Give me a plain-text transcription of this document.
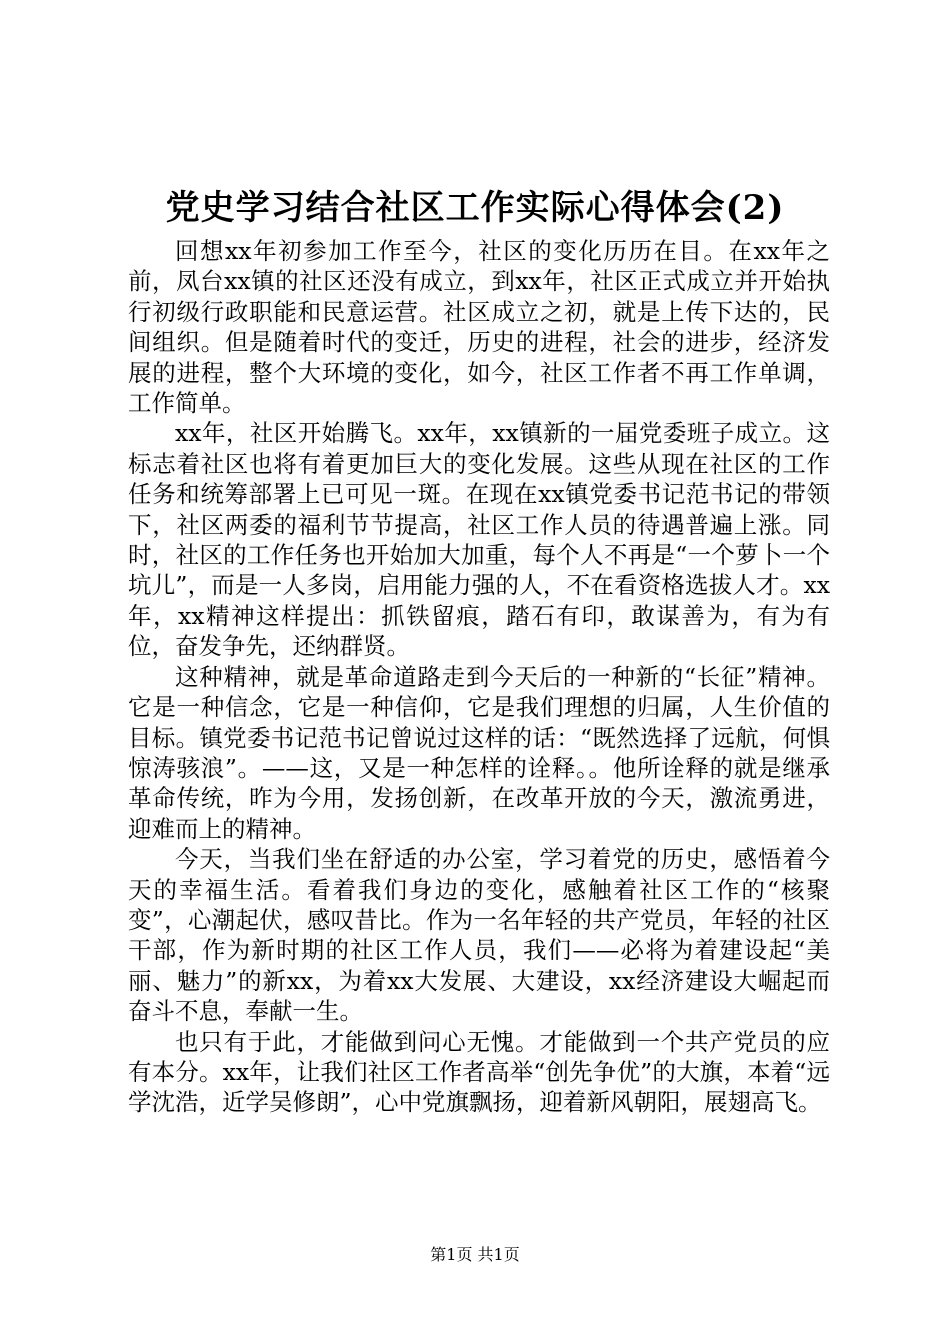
党史学习结合社区工作实际心得体会(2)

回想xx年初参加工作至今，社区的变化历历在目。在xx年之前，凤台xx镇的社区还没有成立，到xx年，社区正式成立并开始执行初级行政职能和民意运营。社区成立之初，就是上传下达的，民间组织。但是随着时代的变迁，历史的进程，社会的进步，经济发展的进程，整个大环境的变化，如今，社区工作者不再工作单调，工作简单。

xx年，社区开始腾飞。xx年，xx镇新的一届党委班子成立。这标志着社区也将有着更加巨大的变化发展。这些从现在社区的工作任务和统筹部署上已可见一斑。在现在xx镇党委书记范书记的带领下，社区两委的福利节节提高，社区工作人员的待遇普遍上涨。同时，社区的工作任务也开始加大加重，每个人不再是“一个萝卜一个坑儿”，而是一人多岗，启用能力强的人，不在看资格选拔人才。xx年，xx精神这样提出：抓铁留痕，踏石有印，敢谋善为，有为有位，奋发争先，还纳群贤。

这种精神，就是革命道路走到今天后的一种新的“长征”精神。它是一种信念，它是一种信仰，它是我们理想的归属，人生价值的目标。镇党委书记范书记曾说过这样的话：“既然选择了远航，何惧惊涛骇浪”。——这，又是一种怎样的诠释。。他所诠释的就是继承革命传统，昨为今用，发扬创新，在改革开放的今天，激流勇进，迎难而上的精神。

今天，当我们坐在舒适的办公室，学习着党的历史，感悟着今天的幸福生活。看着我们身边的变化，感触着社区工作的“核聚变”，心潮起伏，感叹昔比。作为一名年轻的共产党员，年轻的社区干部，作为新时期的社区工作人员，我们——必将为着建设起“美丽、魅力”的新xx，为着xx大发展、大建设，xx经济建设大崛起而奋斗不息，奉献一生。

也只有于此，才能做到问心无愧。才能做到一个共产党员的应有本分。xx年，让我们社区工作者高举“创先争优”的大旗，本着“远学沈浩，近学吴修朗”，心中党旗飘扬，迎着新风朝阳，展翅高飞。

第1页 共1页
